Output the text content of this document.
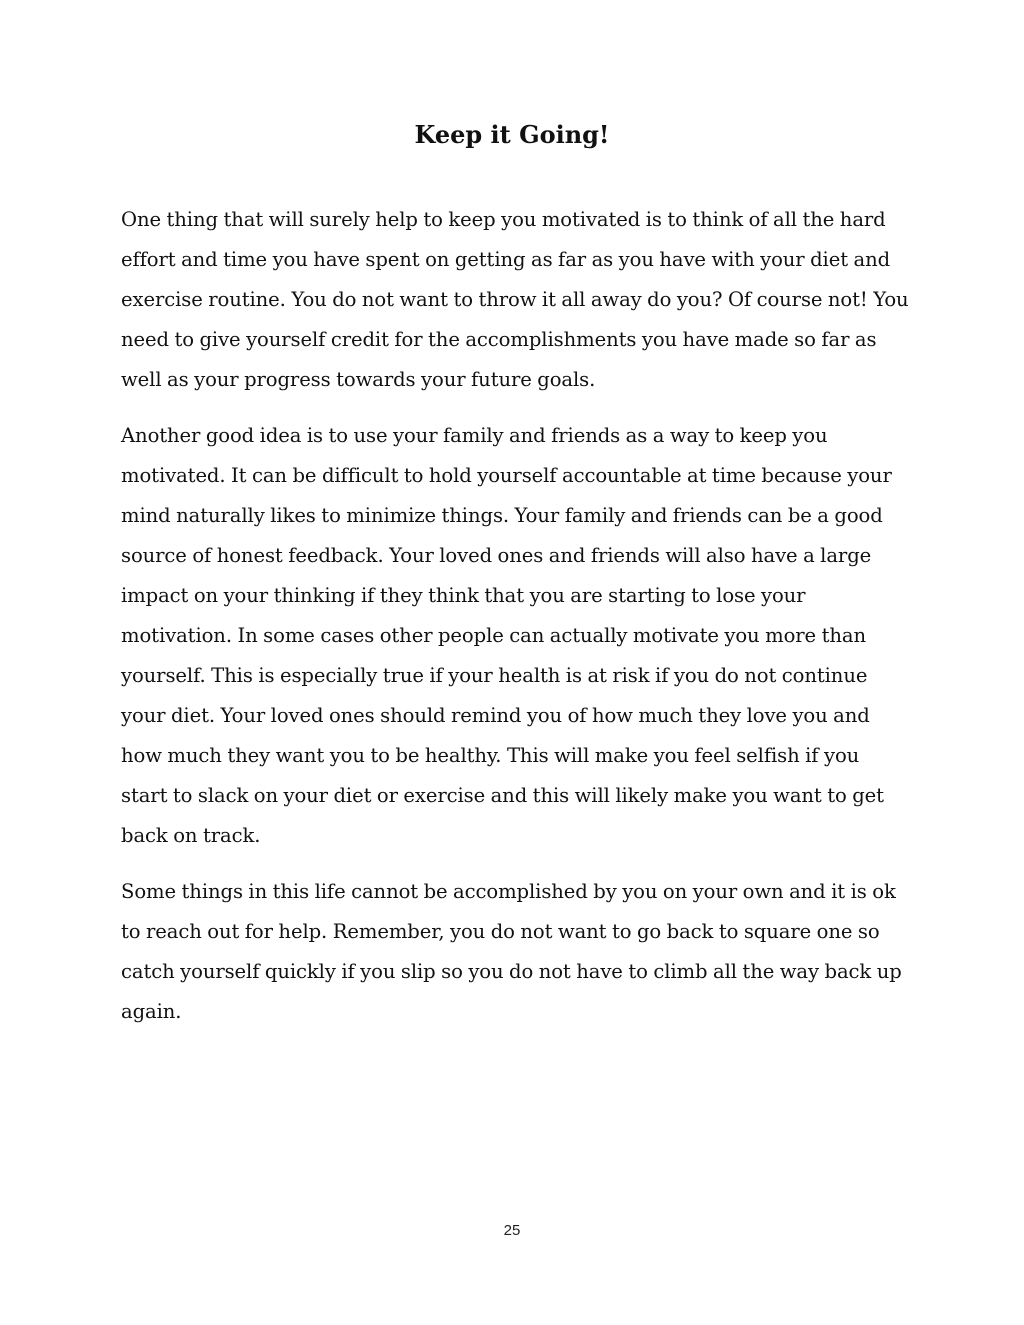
Keep it Going!

One thing that will surely help to keep you motivated is to think of all the hard effort and time you have spent on getting as far as you have with your diet and exercise routine. You do not want to throw it all away do you? Of course not! You need to give yourself credit for the accomplishments you have made so far as well as your progress towards your future goals.

Another good idea is to use your family and friends as a way to keep you motivated. It can be difficult to hold yourself accountable at time because your mind naturally likes to minimize things. Your family and friends can be a good source of honest feedback. Your loved ones and friends will also have a large impact on your thinking if they think that you are starting to lose your motivation. In some cases other people can actually motivate you more than yourself. This is especially true if your health is at risk if you do not continue your diet. Your loved ones should remind you of how much they love you and how much they want you to be healthy. This will make you feel selfish if you start to slack on your diet or exercise and this will likely make you want to get back on track.

Some things in this life cannot be accomplished by you on your own and it is ok to reach out for help. Remember, you do not want to go back to square one so catch yourself quickly if you slip so you do not have to climb all the way back up again.

25
